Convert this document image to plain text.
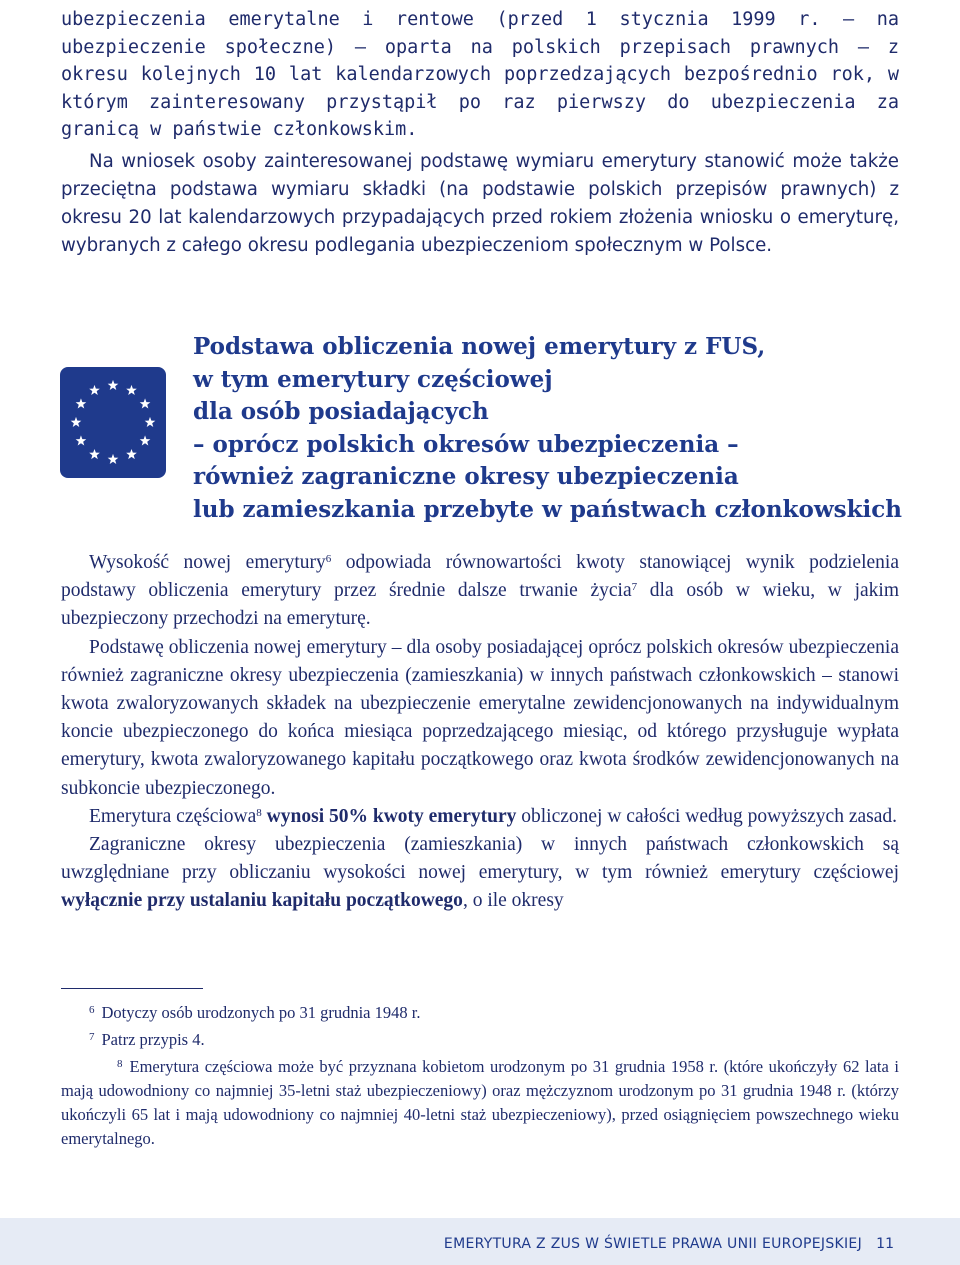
ubezpieczenia emerytalne i rentowe (przed 1 stycznia 1999 r. – na ubezpieczenie społeczne) – oparta na polskich przepisach prawnych – z okresu kolejnych 10 lat kalendarzowych poprzedzających bezpośrednio rok, w którym zainteresowany przystąpił po raz pierwszy do ubezpieczenia za granicą w państwie członkowskim.

Na wniosek osoby zainteresowanej podstawę wymiaru emerytury stanowić może także przeciętna podstawa wymiaru składki (na podstawie polskich przepisów prawnych) z okresu 20 lat kalendarzowych przypadających przed rokiem złożenia wniosku o emeryturę, wybranych z całego okresu podlegania ubezpieczeniom społecznym w Polsce.

Podstawa obliczenia nowej emerytury z FUS,
w tym emerytury częściowej
dla osób posiadających
– oprócz polskich okresów ubezpieczenia –
również zagraniczne okresy ubezpieczenia
lub zamieszkania przebyte w państwach członkowskich

Wysokość nowej emerytury$^6$ odpowiada równowartości kwoty stanowiącej wynik podzielenia podstawy obliczenia emerytury przez średnie dalsze trwanie życia$^7$ dla osób w wieku, w jakim ubezpieczony przechodzi na emeryturę.

Podstawę obliczenia nowej emerytury – dla osoby posiadającej oprócz polskich okresów ubezpieczenia również zagraniczne okresy ubezpieczenia (zamieszkania) w innych państwach członkowskich – stanowi kwota zwaloryzowanych składek na ubezpieczenie emerytalne zewidencjonowanych na indywidualnym koncie ubezpieczonego do końca miesiąca poprzedzającego miesiąc, od którego przysługuje wypłata emerytury, kwota zwaloryzowanego kapitału początkowego oraz kwota środków zewidencjonowanych na subkoncie ubezpieczonego.

Emerytura częściowa$^8$ wynosi 50% kwoty emerytury obliczonej w całości według powyższych zasad.

Zagraniczne okresy ubezpieczenia (zamieszkania) w innych państwach członkowskich są uwzględniane przy obliczaniu wysokości nowej emerytury, w tym również emerytury częściowej wyłącznie przy ustalaniu kapitału początkowego, o ile okresy

6 Dotyczy osób urodzonych po 31 grudnia 1948 r.
7 Patrz przypis 4.
8 Emerytura częściowa może być przyznana kobietom urodzonym po 31 grudnia 1958 r. (które ukończyły 62 lata i mają udowodniony co najmniej 35-letni staż ubezpieczeniowy) oraz mężczyznom urodzonym po 31 grudnia 1948 r. (którzy ukończyli 65 lat i mają udowodniony co najmniej 40-letni staż ubezpieczeniowy), przed osiągnięciem powszechnego wieku emerytalnego.
EMERYTURA Z ZUS W ŚWIETLE PRAWA UNII EUROPEJSKIEJ 11
